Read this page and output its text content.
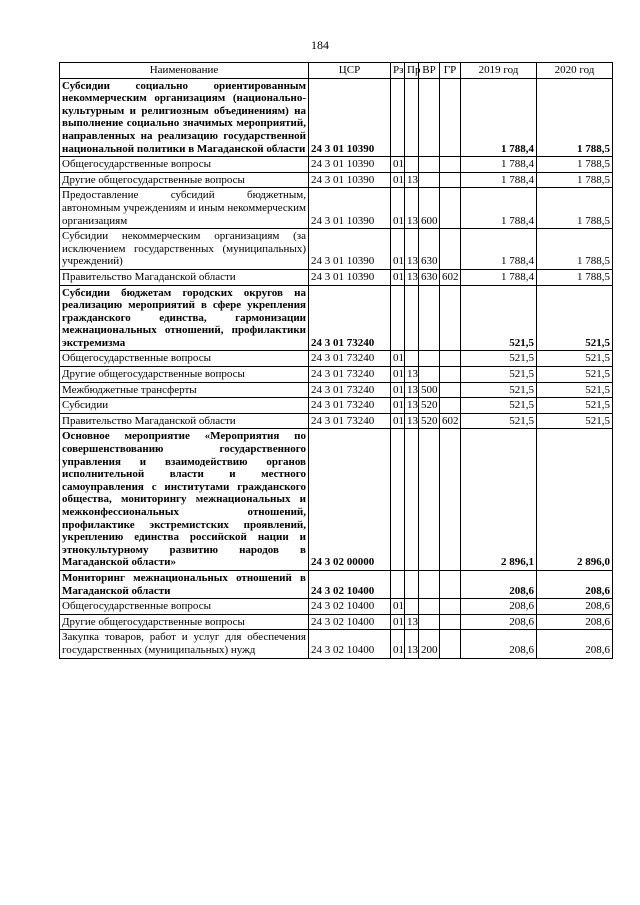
184
Наименование	ЦСР	Рз	Пр	ВР	ГР	2019 год	2020 год
Субсидии социально ориентированным некоммерческим организациям (национально-культурным и религиозным объединениям) на выполнение социально значимых мероприятий, направленных на реализацию государственной национальной политики в Магаданской области	24 3 01 10390					1 788,4	1 788,5
Общегосударственные вопросы	24 3 01 10390	01				1 788,4	1 788,5
Другие общегосударственные вопросы	24 3 01 10390	01	13			1 788,4	1 788,5
Предоставление субсидий бюджетным, автономным учреждениям и иным некоммерческим организациям	24 3 01 10390	01	13	600		1 788,4	1 788,5
Субсидии некоммерческим организациям (за исключением государственных (муниципальных) учреждений)	24 3 01 10390	01	13	630		1 788,4	1 788,5
Правительство Магаданской области	24 3 01 10390	01	13	630	602	1 788,4	1 788,5
Субсидии бюджетам городских округов на реализацию мероприятий в сфере укрепления гражданского единства, гармонизации межнациональных отношений, профилактики экстремизма	24 3 01 73240					521,5	521,5
Общегосударственные вопросы	24 3 01 73240	01				521,5	521,5
Другие общегосударственные вопросы	24 3 01 73240	01	13			521,5	521,5
Межбюджетные трансферты	24 3 01 73240	01	13	500		521,5	521,5
Субсидии	24 3 01 73240	01	13	520		521,5	521,5
Правительство Магаданской области	24 3 01 73240	01	13	520	602	521,5	521,5
Основное мероприятие «Мероприятия по совершенствованию государственного управления и взаимодействию органов исполнительной власти и местного самоуправления с институтами гражданского общества, мониторингу межнациональных и межконфессиональных отношений, профилактике экстремистских проявлений, укреплению единства российской нации и этнокультурному развитию народов в Магаданской области»	24 3 02 00000					2 896,1	2 896,0
Мониторинг межнациональных отношений в Магаданской области	24 3 02 10400					208,6	208,6
Общегосударственные вопросы	24 3 02 10400	01				208,6	208,6
Другие общегосударственные вопросы	24 3 02 10400	01	13			208,6	208,6
Закупка товаров, работ и услуг для обеспечения государственных (муниципальных) нужд	24 3 02 10400	01	13	200		208,6	208,6
